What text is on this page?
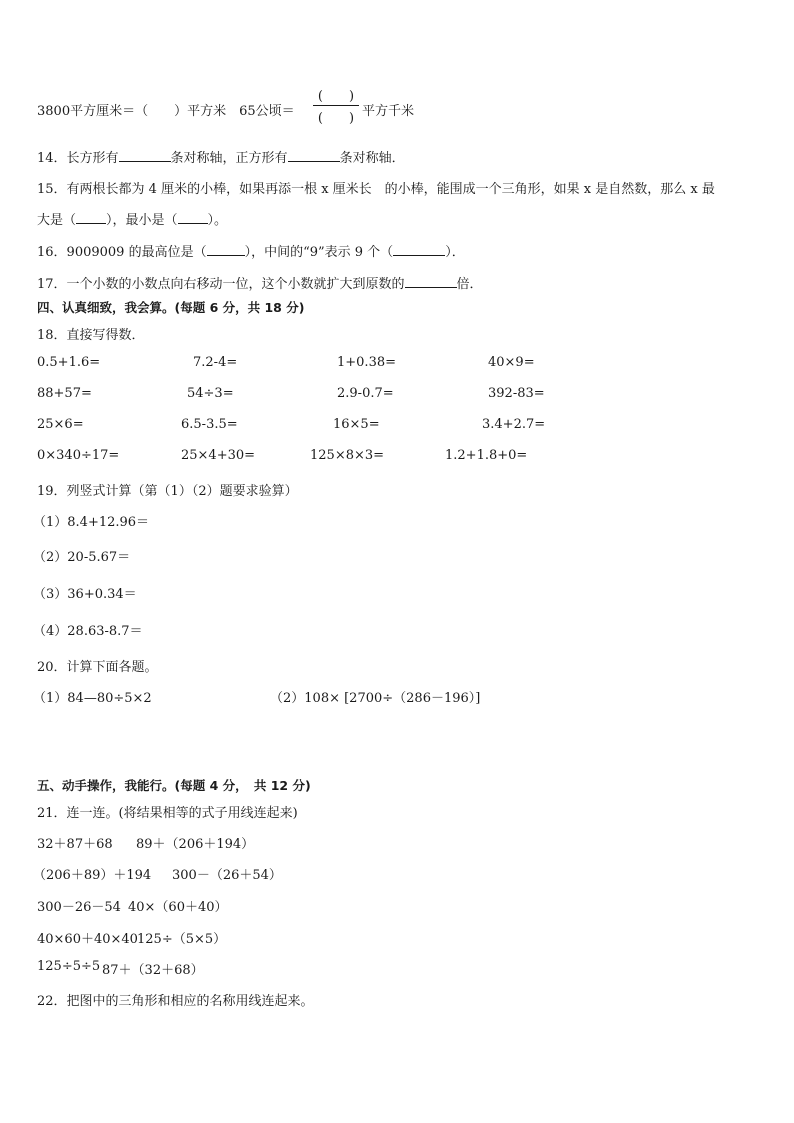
3800平方厘米＝（　　）平方米　65公顷＝
(　　)
(　　) 平方千米
14．长方形有	条对称轴，正方形有	条对称轴．
15．有两根长都为 4 厘米的小棒，如果再添一根 x 厘米长　的小棒，能围成一个三角形，如果 x 是自然数，那么 x 最
大是（ ），最小是（ ）。
16．9009009 的最高位是（	），中间的“9”表示 9 个（	）．
17．一个小数的小数点向右移动一位，这个小数就扩大到原数的	倍．
四、认真细致，我会算。(每题 6 分，共 18 分)
18．直接写得数．
0.5+1.6=	7.2-4=	1+0.38=	40×9=
88+57=	54÷3=	2.9-0.7=	392-83=
25×6=	6.5-3.5=	16×5=	3.4+2.7=
0×340÷17=	25×4+30=	125×8×3=	1.2+1.8+0=
19．列竖式计算（第（1）（2）题要求验算）
（1）8.4+12.96＝
（2）20-5.67＝
（3）36+0.34＝
（4）28.63-8.7＝
20．计算下面各题。
（1）84—80÷5×2	（2）108× [2700÷（286－196）]
五、动手操作，我能行。(每题 4 分，　共 12 分)
21．连一连。(将结果相等的式子用线连起来)
32＋87＋68 89＋（206＋194）
（206＋89）＋194 300－（26＋54）
300－26－54 40×（60＋40）
40×60＋40×40 125÷（5×5）
125÷5÷5 87＋（32＋68）
22．把图中的三角形和相应的名称用线连起来。
